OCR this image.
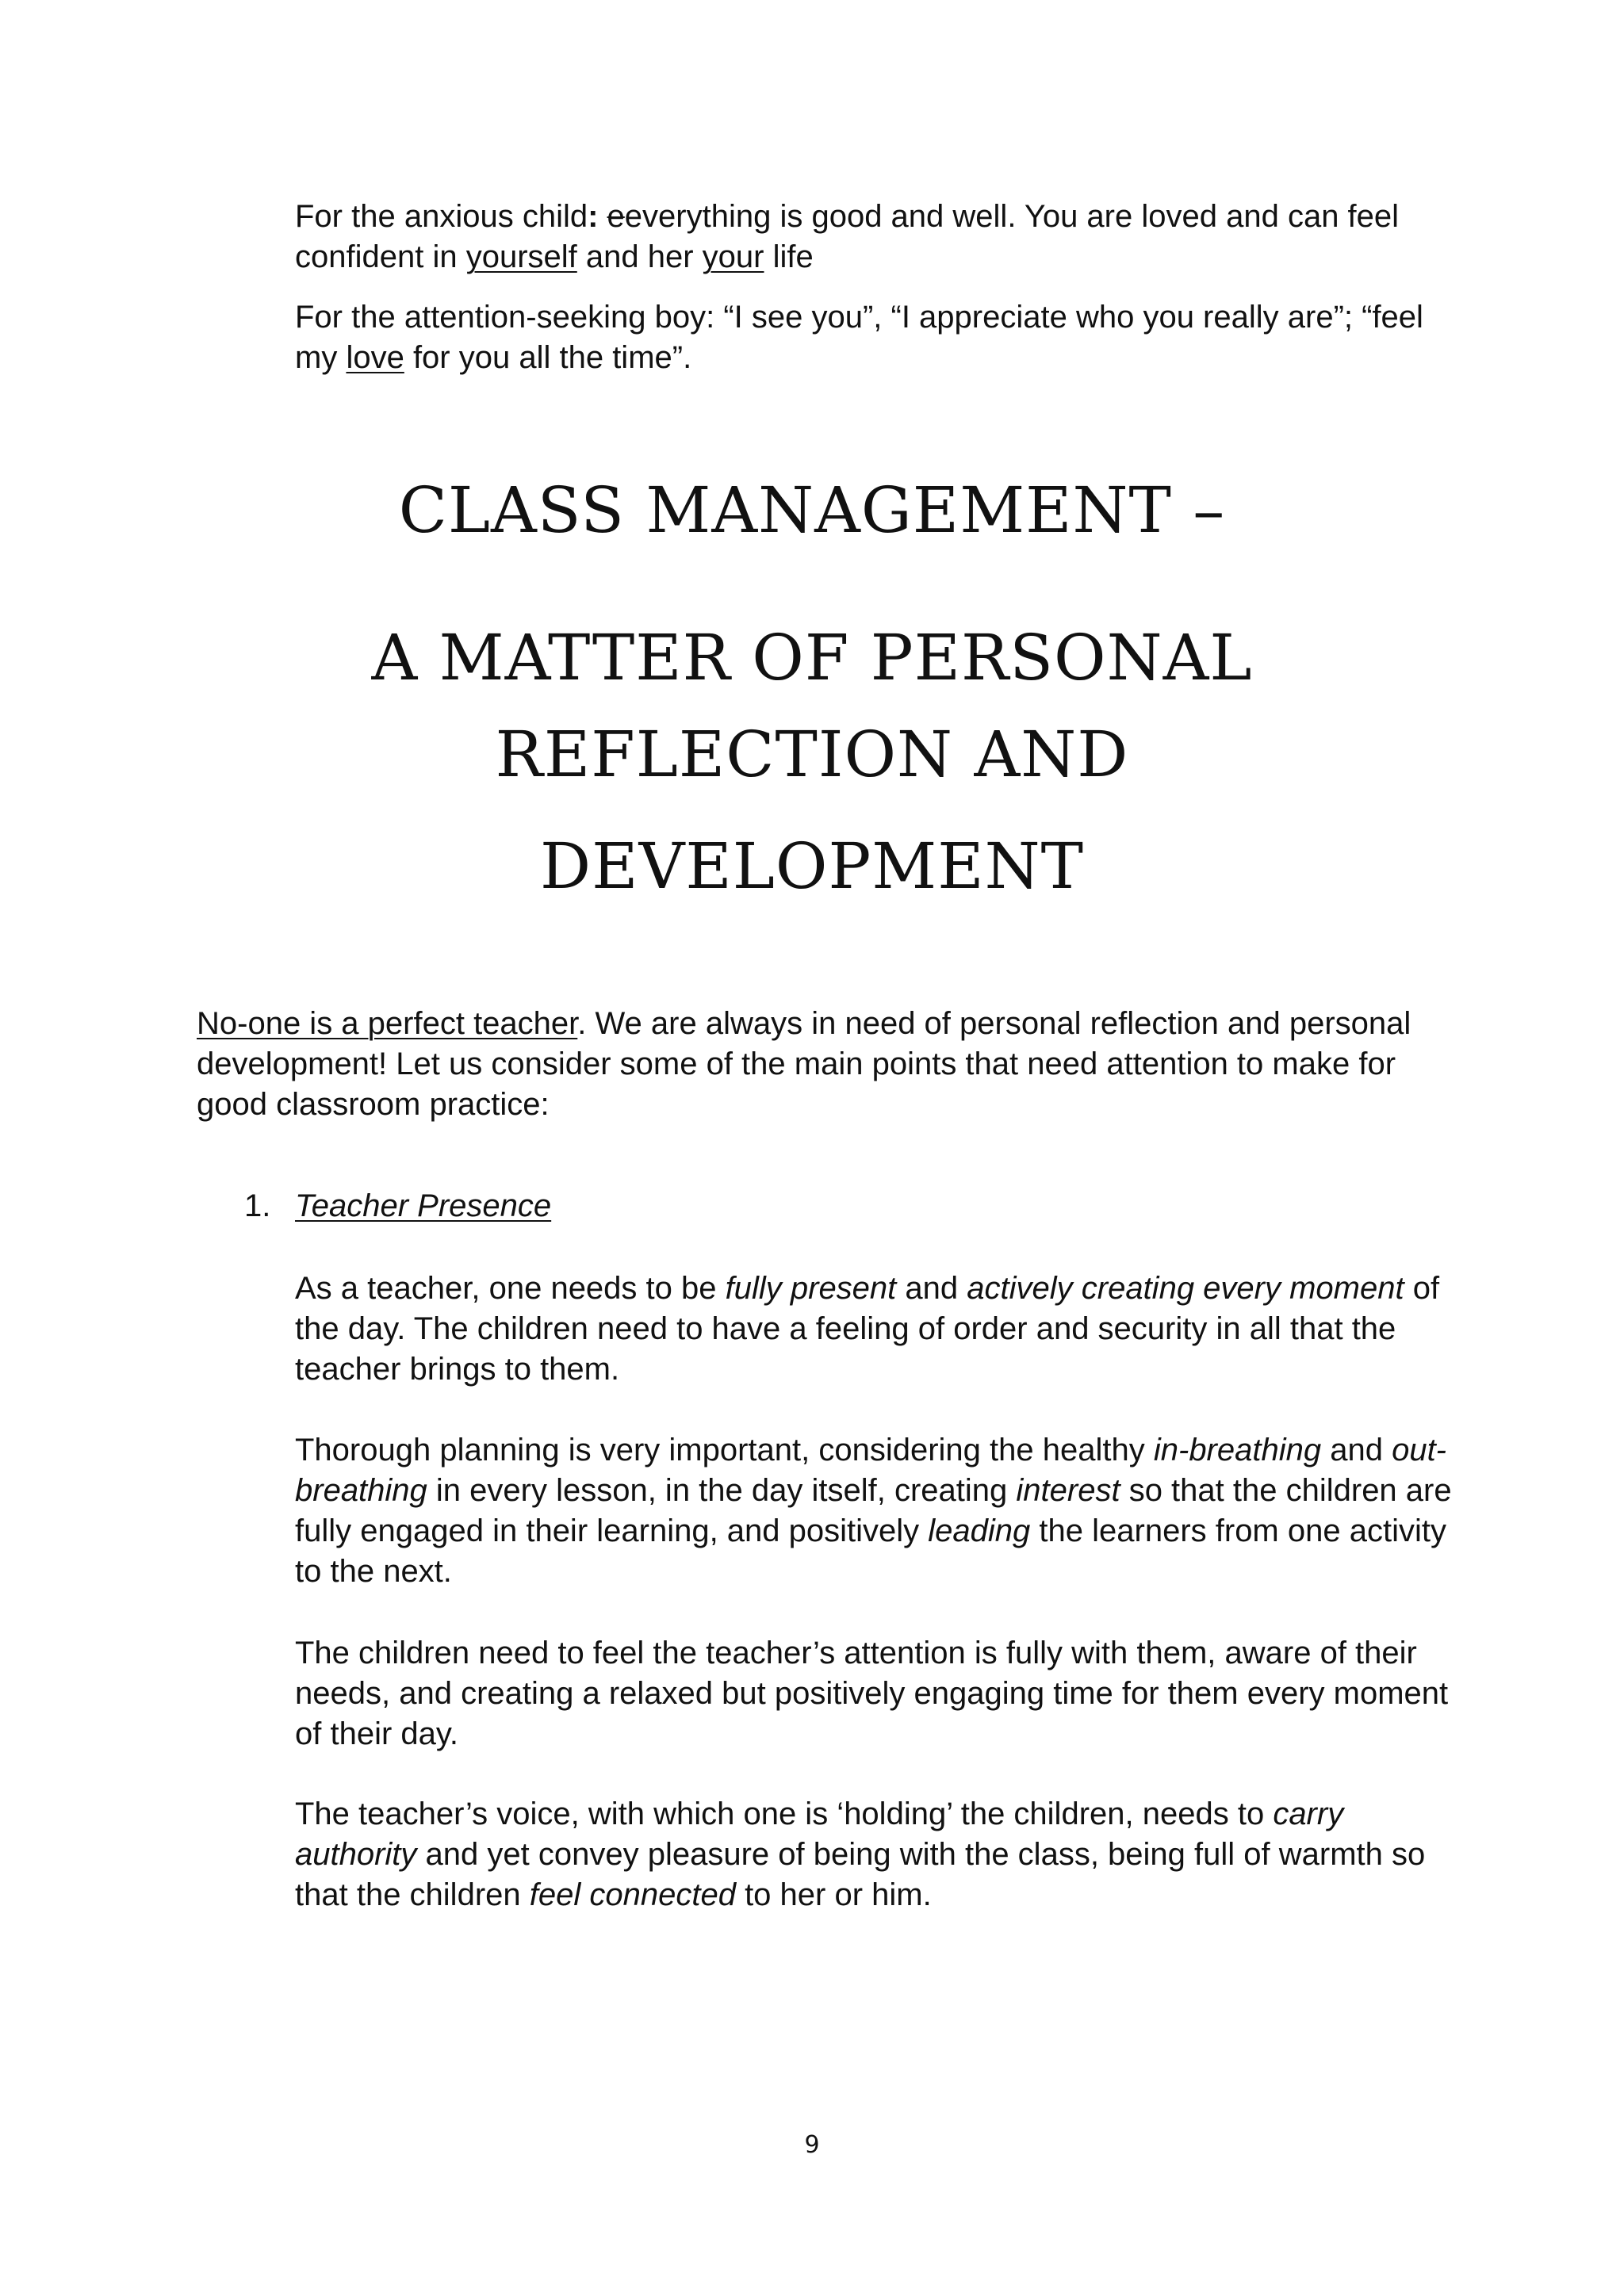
For the anxious child: eeverything is good and well. You are loved and can feel confident in yourself and her your life

For the attention-seeking boy: “I see you”, “I appreciate who you really are”; “feel my love for you all the time”.

CLASS MANAGEMENT –
A MATTER OF PERSONAL
REFLECTION AND
DEVELOPMENT

No-one is a perfect teacher. We are always in need of personal reflection and personal development! Let us consider some of the main points that need attention to make for good classroom practice:

1. Teacher Presence

As a teacher, one needs to be fully present and actively creating every moment of the day. The children need to have a feeling of order and security in all that the teacher brings to them.

Thorough planning is very important, considering the healthy in-breathing and out-breathing in every lesson, in the day itself, creating interest so that the children are fully engaged in their learning, and positively leading the learners from one activity to the next.

The children need to feel the teacher’s attention is fully with them, aware of their needs, and creating a relaxed but positively engaging time for them every moment of their day.

The teacher’s voice, with which one is ‘holding’ the children, needs to carry authority and yet convey pleasure of being with the class, being full of warmth so that the children feel connected to her or him.

9
